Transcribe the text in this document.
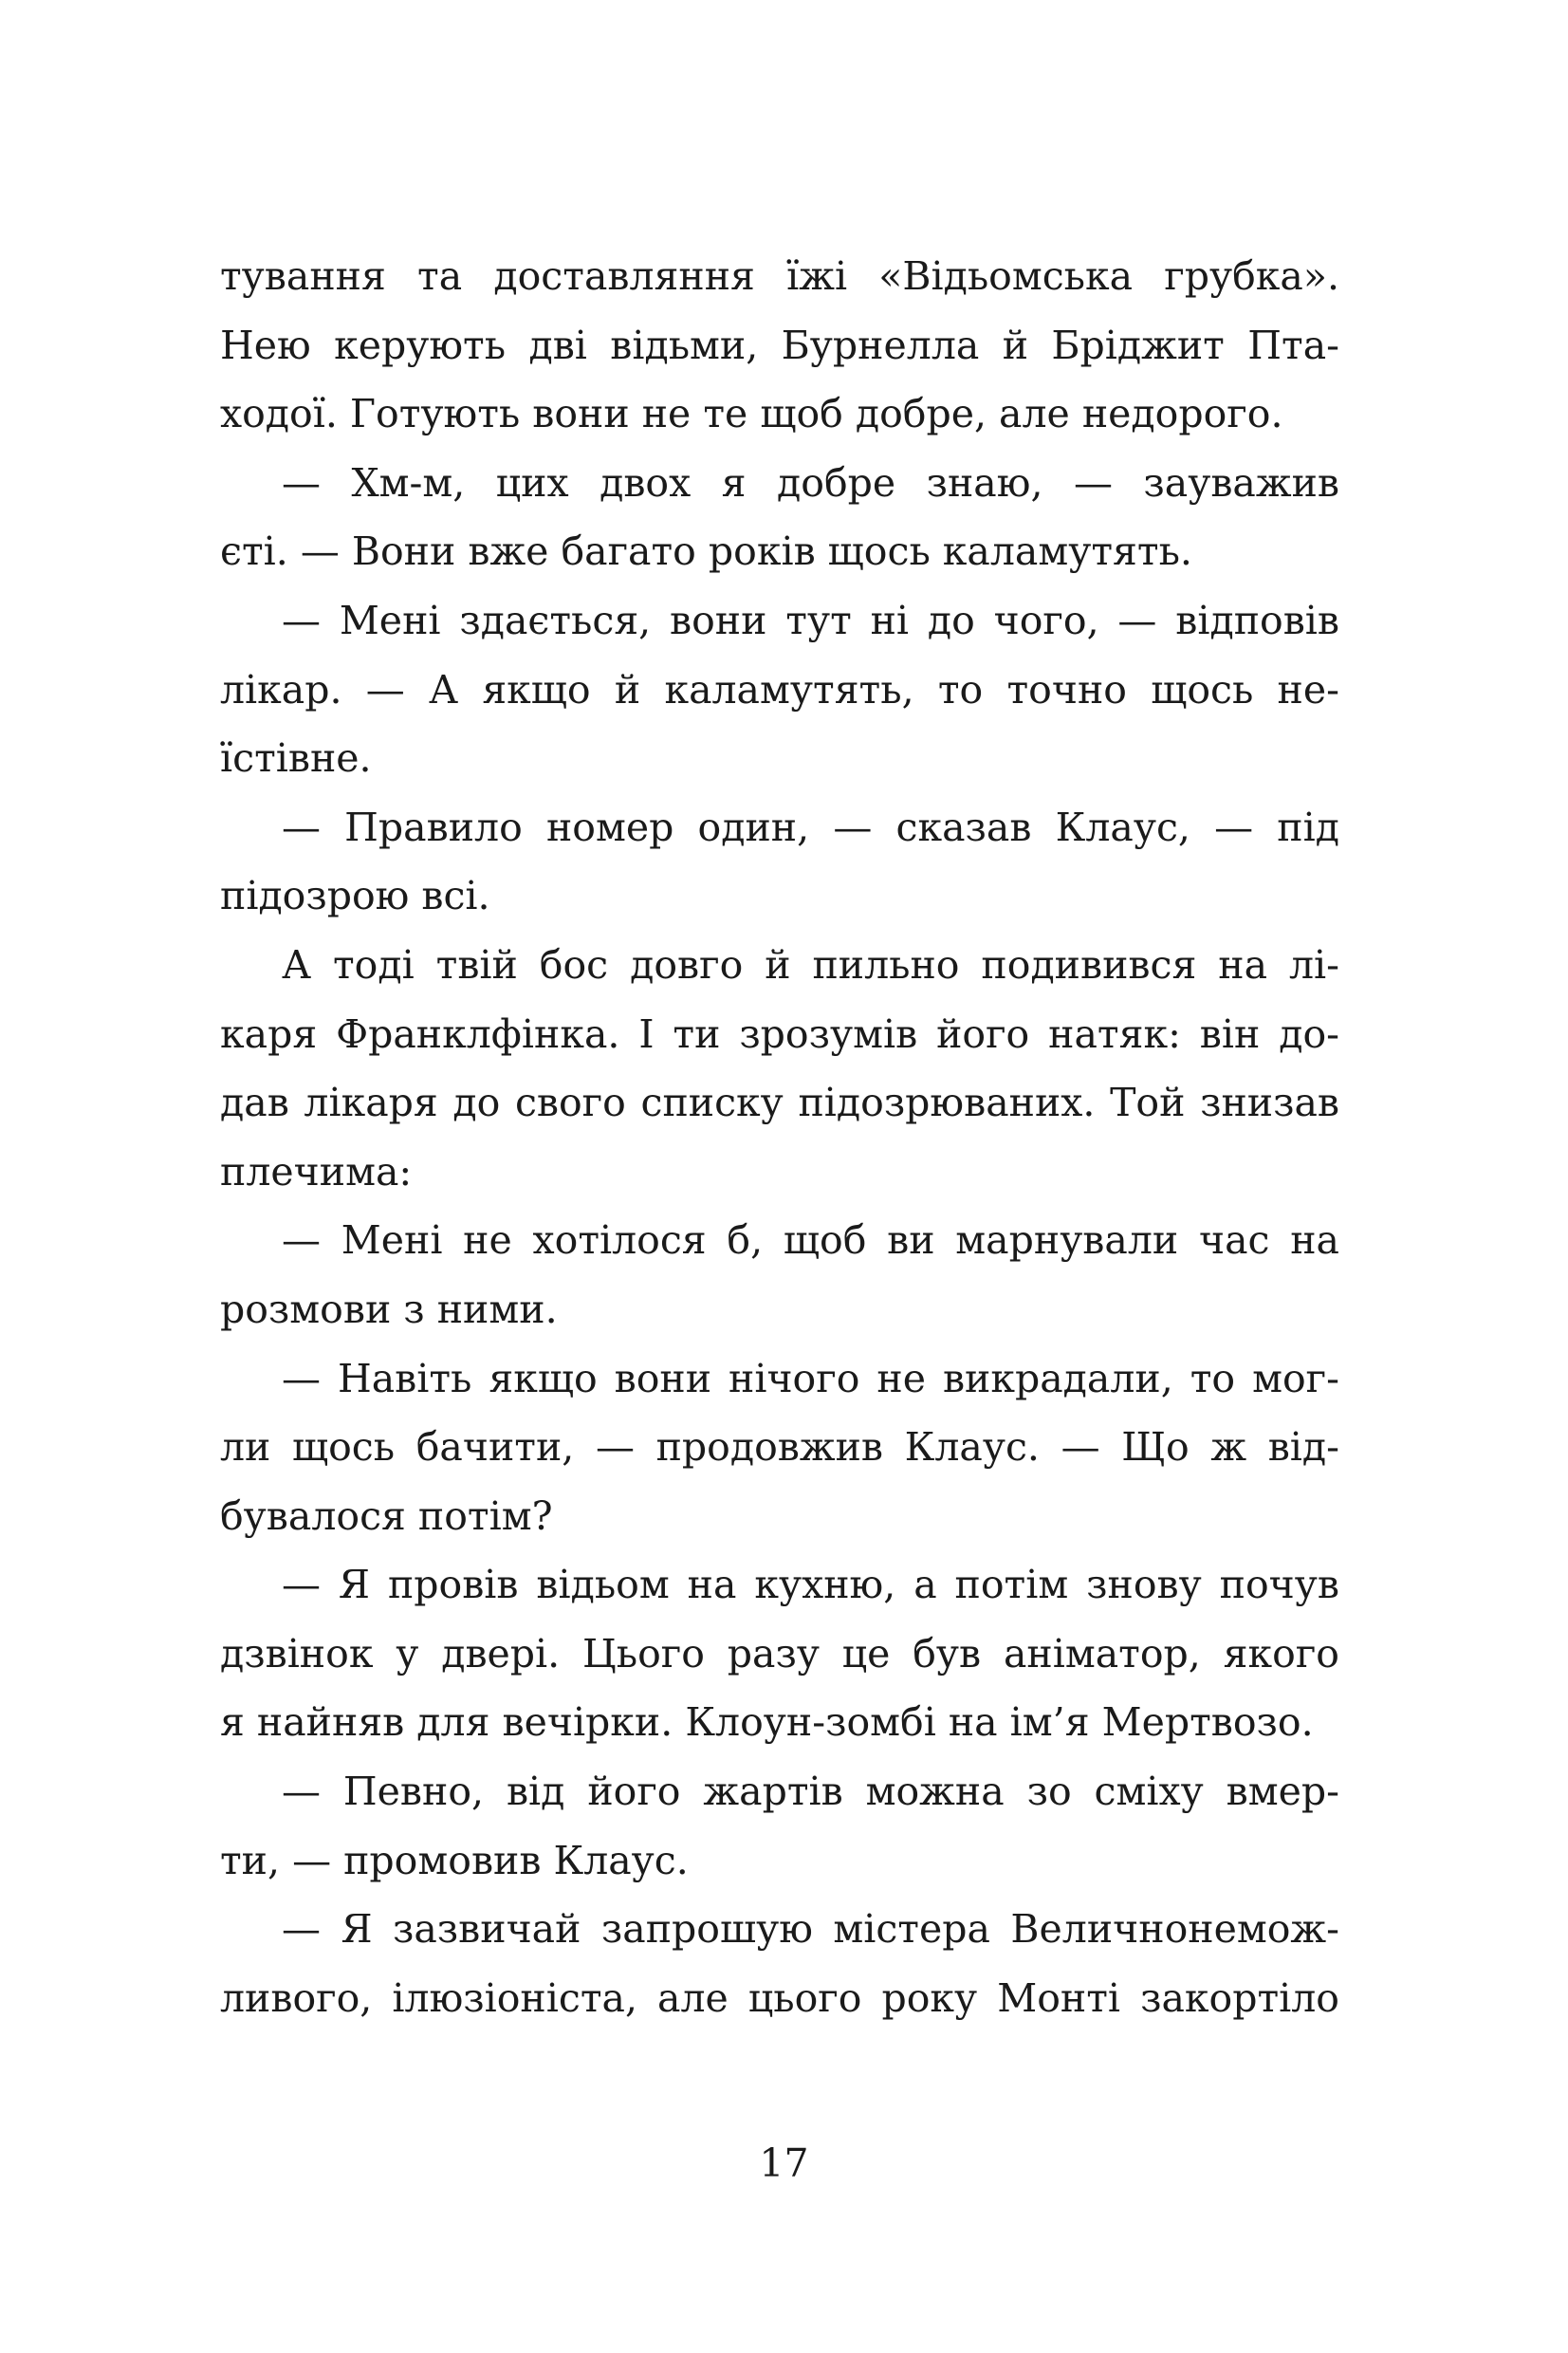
тування та доставляння їжі «Відьомська грубка».
Нею керують дві відьми, Бурнелла й Бріджит Пта-
ходої. Готують вони не те щоб добре, але недорого.
— Хм-м, цих двох я добре знаю, — зауважив
єті. — Вони вже багато років щось каламутять.
— Мені здається, вони тут ні до чого, — відповів
лікар. — А якщо й каламутять, то точно щось не-
їстівне.
— Правило номер один, — сказав Клаус, — під
підозрою всі.
А тоді твій бос довго й пильно подивився на лі-
каря Франклфінка. І ти зрозумів його натяк: він до-
дав лікаря до свого списку підозрюваних. Той знизав
плечима:
— Мені не хотілося б, щоб ви марнували час на
розмови з ними.
— Навіть якщо вони нічого не викрадали, то мог-
ли щось бачити, — продовжив Клаус. — Що ж від-
бувалося потім?
— Я провів відьом на кухню, а потім знову почув
дзвінок у двері. Цього разу це був аніматор, якого
я найняв для вечірки. Клоун-зомбі на ім’я Мертвозо.
— Певно, від його жартів можна зо сміху вмер-
ти, — промовив Клаус.
— Я зазвичай запрошую містера Величнонемож-
ливого, ілюзіоніста, але цього року Монті закортіло
17
